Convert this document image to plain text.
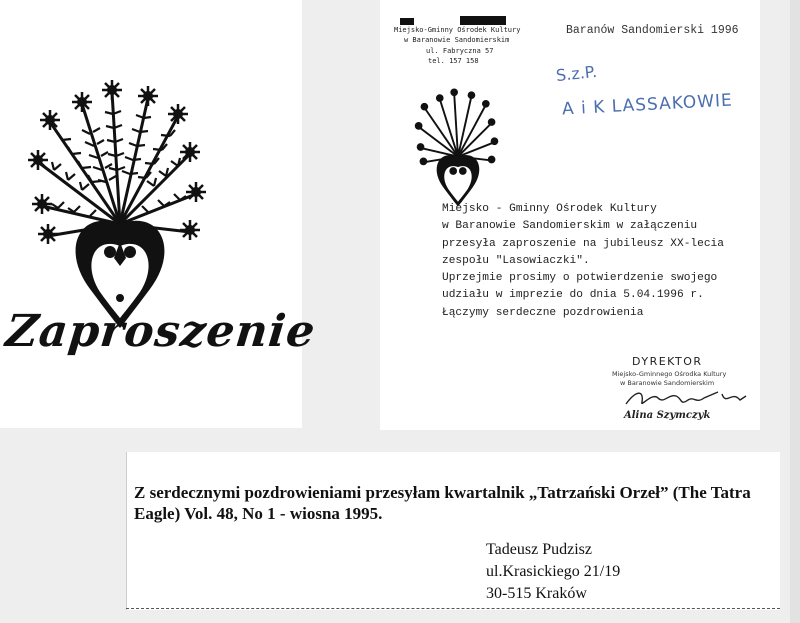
Zaproszenie
Miejsko-Gminny Ośrodek Kultury
w Baranowie Sandomierskim
ul. Fabryczna 57
tel. 157 158
Baranów Sandomierski 1996
S.z.P.
A i K LASSAKOWIE
Miejsko - Gminny Ośrodek Kultury
w Baranowie Sandomierskim w załączeniu
przesyła zaproszenie na jubileusz XX-lecia
zespołu "Lasowiaczki".
Uprzejmie prosimy o potwierdzenie swojego
udziału w imprezie do dnia 5.04.1996 r.
Łączymy serdeczne pozdrowienia
DYREKTOR
Miejsko-Gminnego Ośrodka Kultury
w Baranowie Sandomierskim
Alina Szymczyk
Z serdecznymi pozdrowieniami przesyłam kwartalnik „Tatrzański Orzeł” (The Tatra Eagle) Vol. 48, No 1 - wiosna 1995.
Tadeusz Pudzisz
ul.Krasickiego 21/19
30-515 Kraków
